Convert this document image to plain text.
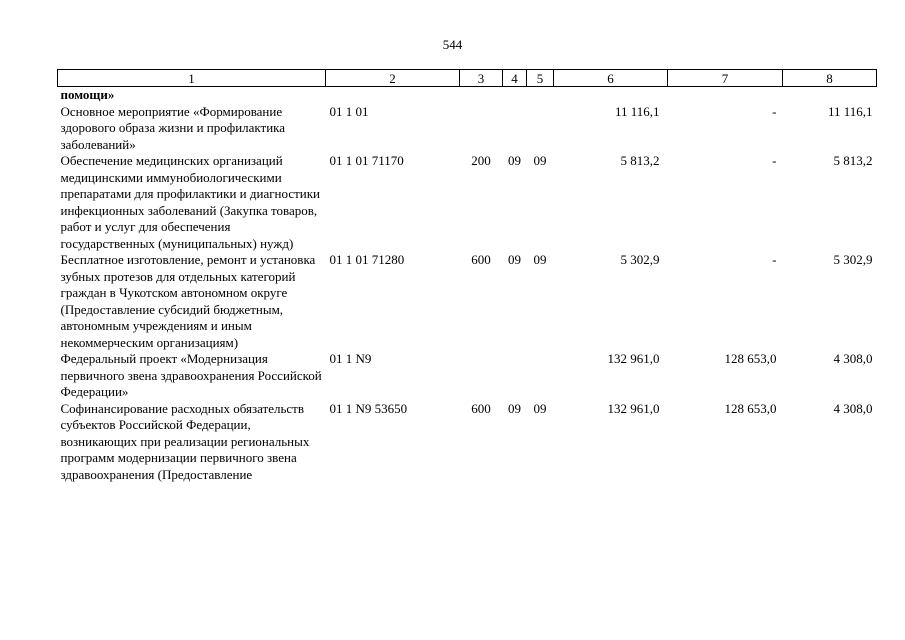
544
1	2	3	4	5	6	7	8
помощи»							
Основное мероприятие «Формирование здорового образа жизни и профилактика заболеваний»	01 1 01				11 116,1	-	11 116,1
Обеспечение медицинских организаций медицинскими иммунобиологическими препаратами для профилактики и диагностики инфекционных заболеваний (Закупка товаров, работ и услуг для обеспечения государственных (муниципальных) нужд)	01 1 01 71170	200	09	09	5 813,2	-	5 813,2
Бесплатное изготовление, ремонт и установка зубных протезов для отдельных категорий граждан в Чукотском автономном округе (Предоставление субсидий бюджетным, автономным учреждениям и иным некоммерческим организациям)	01 1 01 71280	600	09	09	5 302,9	-	5 302,9
Федеральный проект «Модернизация первичного звена здравоохранения Российской Федерации»	01 1 N9				132 961,0	128 653,0	4 308,0
Софинансирование расходных обязательств субъектов Российской Федерации, возникающих при реализации региональных программ модернизации первичного звена здравоохранения (Предоставление	01 1 N9 53650	600	09	09	132 961,0	128 653,0	4 308,0
